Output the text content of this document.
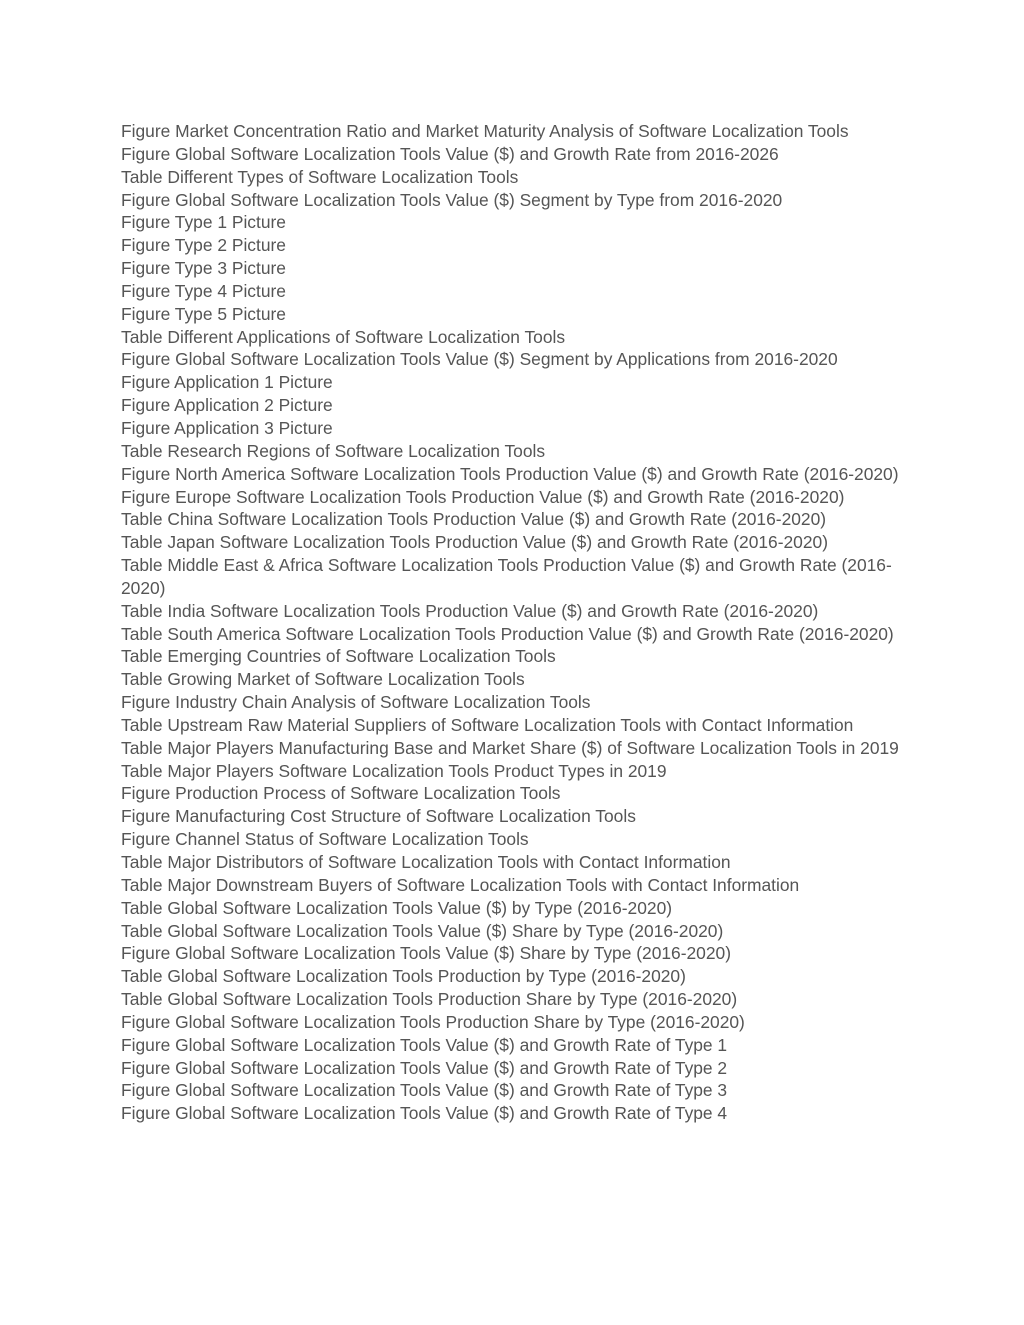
Figure Market Concentration Ratio and Market Maturity Analysis of Software Localization Tools
Figure Global Software Localization Tools Value ($) and Growth Rate from 2016-2026
Table Different Types of Software Localization Tools
Figure Global Software Localization Tools Value ($) Segment by Type from 2016-2020
Figure Type 1 Picture
Figure Type 2 Picture
Figure Type 3 Picture
Figure Type 4 Picture
Figure Type 5 Picture
Table Different Applications of Software Localization Tools
Figure Global Software Localization Tools Value ($) Segment by Applications from 2016-2020
Figure Application 1 Picture
Figure Application 2 Picture
Figure Application 3 Picture
Table Research Regions of Software Localization Tools
Figure North America Software Localization Tools Production Value ($) and Growth Rate (2016-2020)
Figure Europe Software Localization Tools Production Value ($) and Growth Rate (2016-2020)
Table China Software Localization Tools Production Value ($) and Growth Rate (2016-2020)
Table Japan Software Localization Tools Production Value ($) and Growth Rate (2016-2020)
Table Middle East & Africa Software Localization Tools Production Value ($) and Growth Rate (2016-2020)
Table India Software Localization Tools Production Value ($) and Growth Rate (2016-2020)
Table South America Software Localization Tools Production Value ($) and Growth Rate (2016-2020)
Table Emerging Countries of Software Localization Tools
Table Growing Market of Software Localization Tools
Figure Industry Chain Analysis of Software Localization Tools
Table Upstream Raw Material Suppliers of Software Localization Tools with Contact Information
Table Major Players Manufacturing Base and Market Share ($) of Software Localization Tools in 2019
Table Major Players Software Localization Tools Product Types in 2019
Figure Production Process of Software Localization Tools
Figure Manufacturing Cost Structure of Software Localization Tools
Figure Channel Status of Software Localization Tools
Table Major Distributors of Software Localization Tools with Contact Information
Table Major Downstream Buyers of Software Localization Tools with Contact Information
Table Global Software Localization Tools Value ($) by Type (2016-2020)
Table Global Software Localization Tools Value ($) Share by Type (2016-2020)
Figure Global Software Localization Tools Value ($) Share by Type (2016-2020)
Table Global Software Localization Tools Production by Type (2016-2020)
Table Global Software Localization Tools Production Share by Type (2016-2020)
Figure Global Software Localization Tools Production Share by Type (2016-2020)
Figure Global Software Localization Tools Value ($) and Growth Rate of Type 1
Figure Global Software Localization Tools Value ($) and Growth Rate of Type 2
Figure Global Software Localization Tools Value ($) and Growth Rate of Type 3
Figure Global Software Localization Tools Value ($) and Growth Rate of Type 4
